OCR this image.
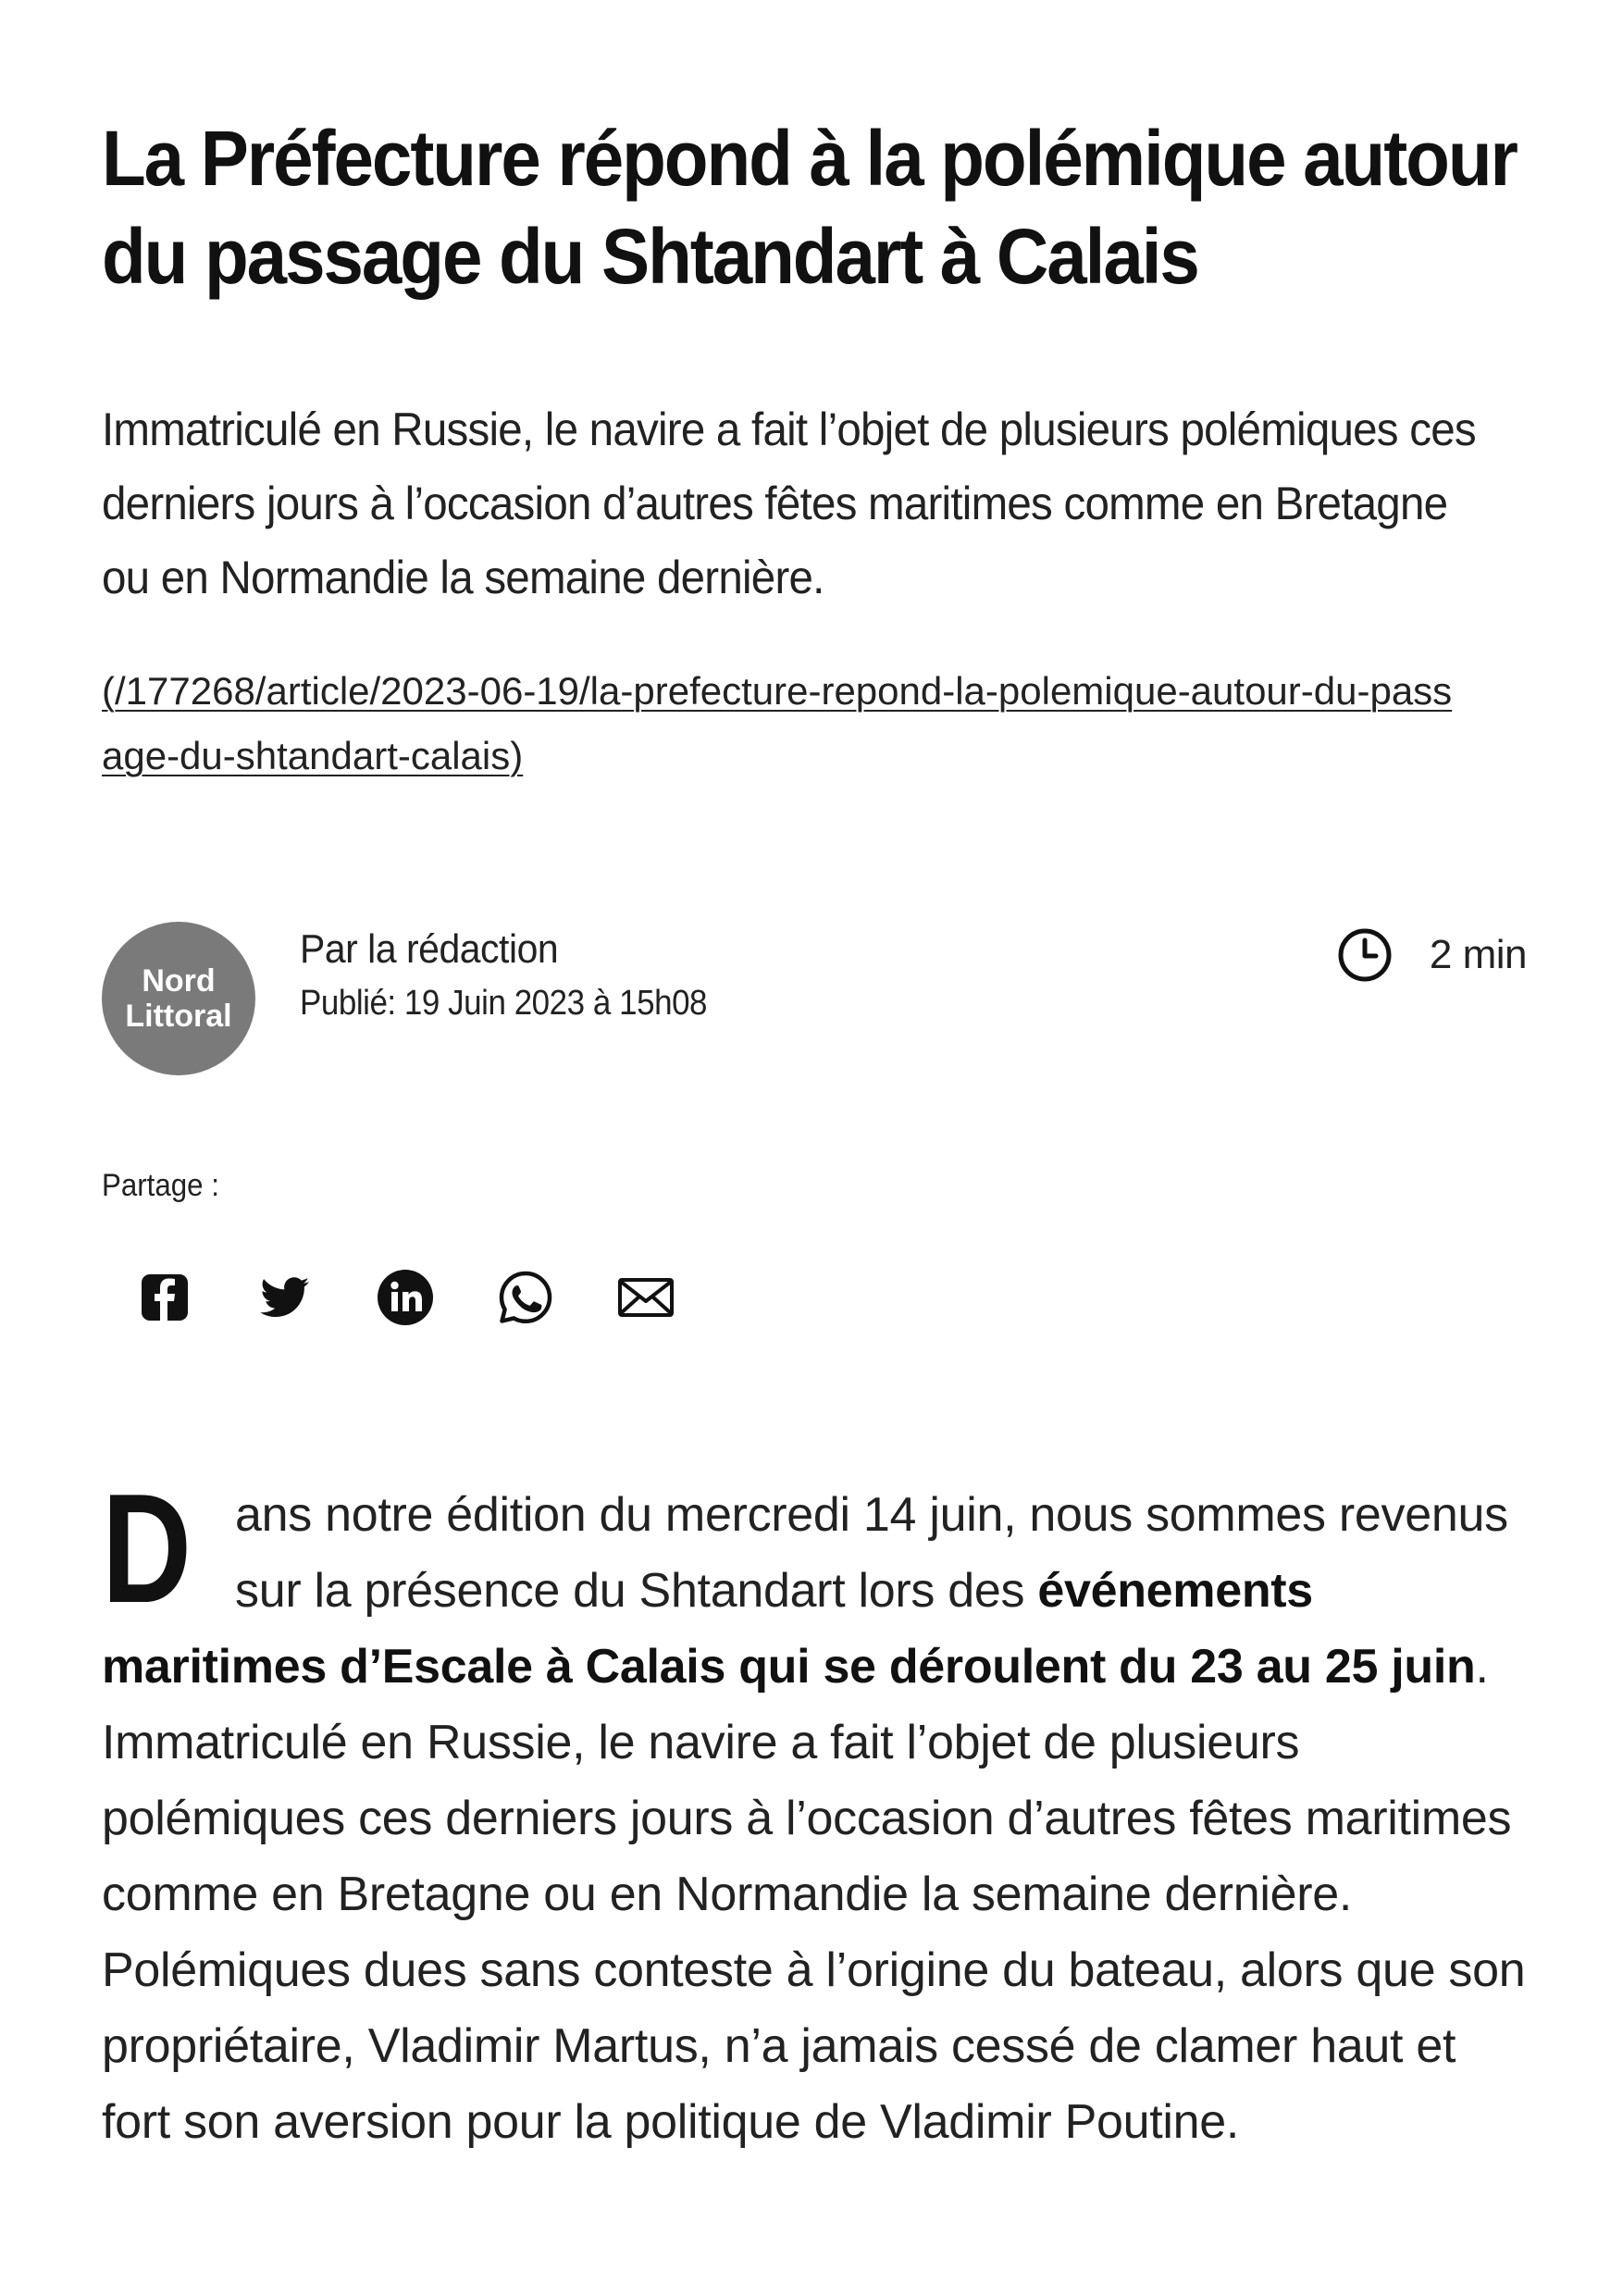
La Préfecture répond à la polémique autour du passage du Shtandart à Calais

Immatriculé en Russie, le navire a fait l’objet de plusieurs polémiques ces derniers jours à l’occasion d’autres fêtes maritimes comme en Bretagne ou en Normandie la semaine dernière.

(/177268/article/2023-06-19/la-prefecture-repond-la-polemique-autour-du-passage-du-shtandart-calais)
Nord
Littoral
Par la rédaction
Publié: 19 Juin 2023 à 15h08
2 min
Partage :
Dans notre édition du mercredi 14 juin, nous sommes revenus sur la présence du Shtandart lors des événements maritimes d’Escale à Calais qui se déroulent du 23 au 25 juin. Immatriculé en Russie, le navire a fait l’objet de plusieurs polémiques ces derniers jours à l’occasion d’autres fêtes maritimes comme en Bretagne ou en Normandie la semaine dernière. Polémiques dues sans conteste à l’origine du bateau, alors que son propriétaire, Vladimir Martus, n’a jamais cessé de clamer haut et fort son aversion pour la politique de Vladimir Poutine.
